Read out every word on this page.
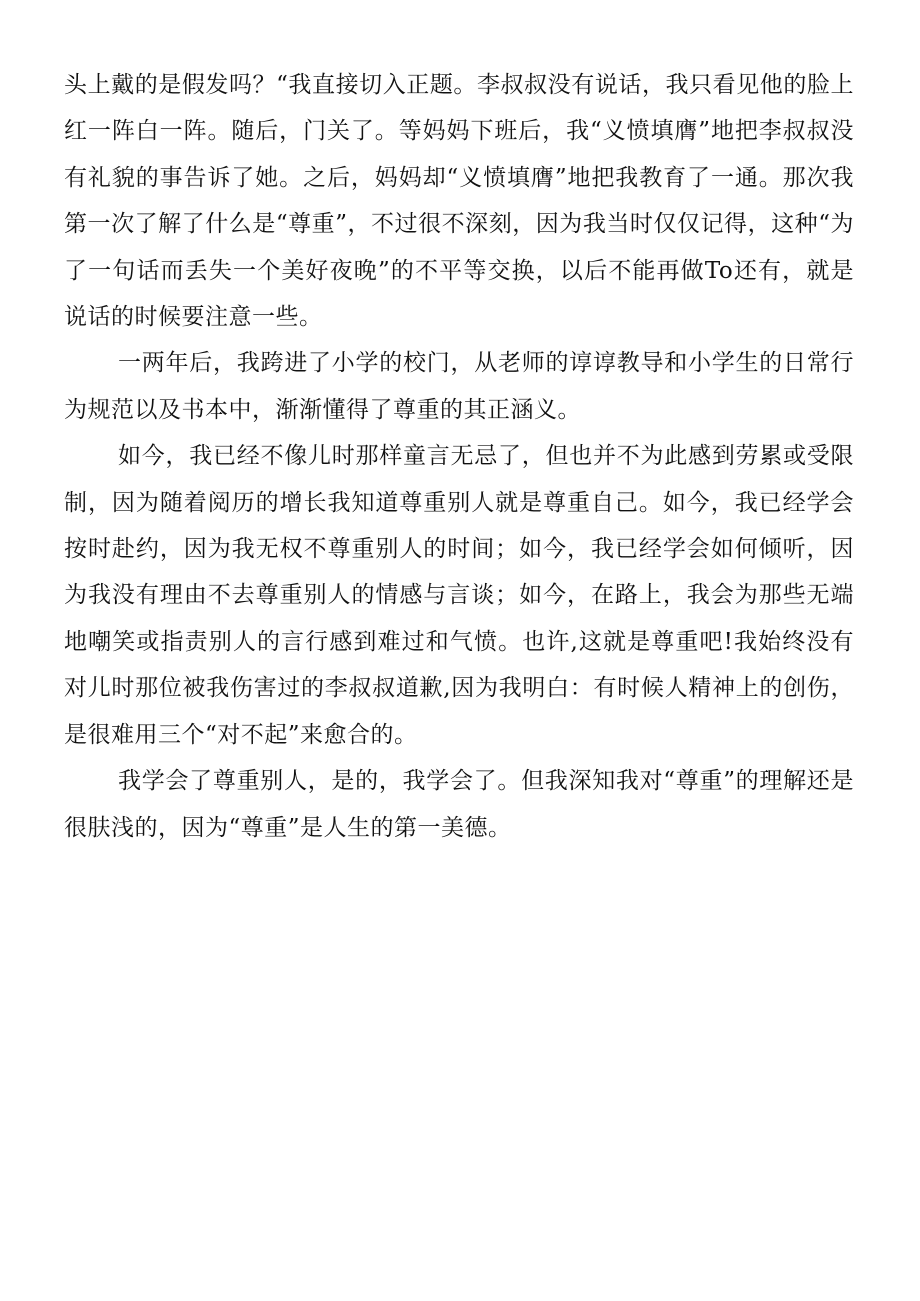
头上戴的是假发吗？“我直接切入正题。李叔叔没有说话，我只看见他的脸上红一阵白一阵。随后，门关了。等妈妈下班后，我“义愤填膺”地把李叔叔没有礼貌的事告诉了她。之后，妈妈却“义愤填膺”地把我教育了一通。那次我第一次了解了什么是“尊重”，不过很不深刻，因为我当时仅仅记得，这种“为了一句话而丢失一个美好夜晚”的不平等交换，以后不能再做To还有，就是说话的时候要注意一些。

一两年后，我跨进了小学的校门，从老师的谆谆教导和小学生的日常行为规范以及书本中，渐渐懂得了尊重的其正涵义。

如今，我已经不像儿时那样童言无忌了，但也并不为此感到劳累或受限制，因为随着阅历的增长我知道尊重别人就是尊重自己。如今，我已经学会按时赴约，因为我无权不尊重别人的时间；如今，我已经学会如何倾听，因为我没有理由不去尊重别人的情感与言谈；如今，在路上，我会为那些无端地嘲笑或指责别人的言行感到难过和气愤。也许,这就是尊重吧!我始终没有对儿时那位被我伤害过的李叔叔道歉,因为我明白：有时候人精神上的创伤，是很难用三个“对不起”来愈合的。

我学会了尊重别人，是的，我学会了。但我深知我对“尊重”的理解还是很肤浅的，因为“尊重”是人生的第一美德。
